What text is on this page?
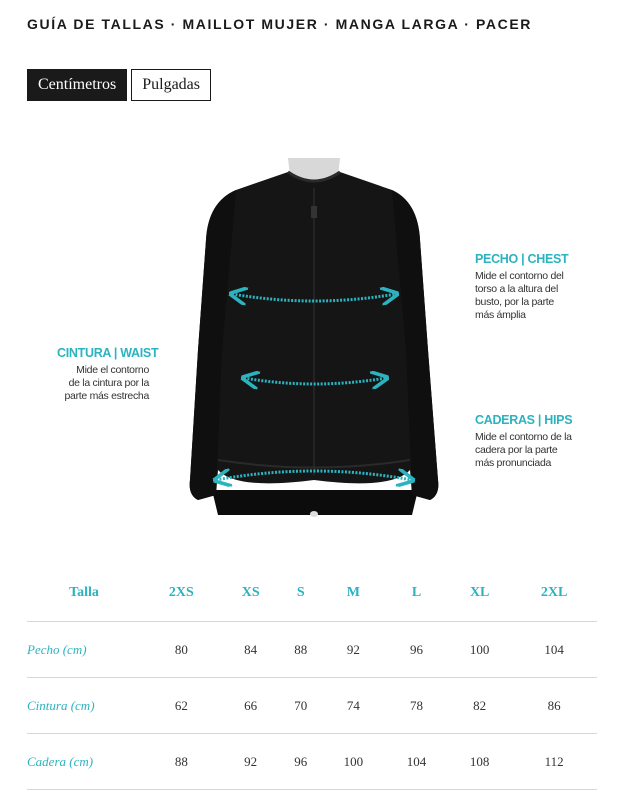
GUÍA DE TALLAS · MAILLOT MUJER · MANGA LARGA · PACER
Centímetros	Pulgadas
PECHO | CHEST
Mide el contorno del
torso a la altura del
busto, por la parte
más ámplia
CINTURA | WAIST
Mide el contorno
de la cintura por la
parte más estrecha
CADERAS | HIPS
Mide el contorno de la
cadera por la parte
más pronunciada
Talla	2XS	XS	S	M	L	XL	2XL
Pecho (cm)	80	84	88	92	96	100	104
Cintura (cm)	62	66	70	74	78	82	86
Cadera (cm)	88	92	96	100	104	108	112
